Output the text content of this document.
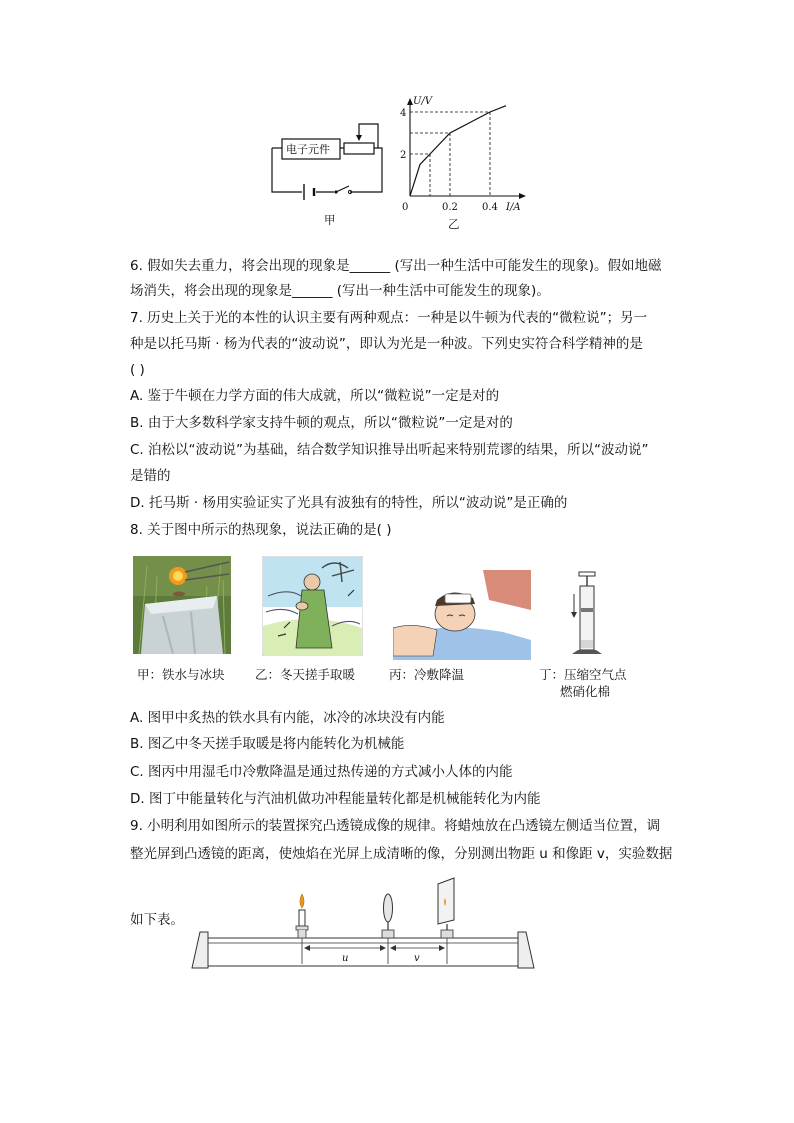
电子元件
甲
U/V
I/A
0
2
4
0.2 0.4
乙
6. 假如失去重力，将会出现的现象是______ (写出一种生活中可能发生的现象)。假如地磁
场消失，将会出现的现象是______ (写出一种生活中可能发生的现象)。
7. 历史上关于光的本性的认识主要有两种观点：一种是以牛顿为代表的“微粒说”；另一
种是以托马斯 · 杨为代表的“波动说”，即认为光是一种波。下列史实符合科学精神的是
( )
A. 鉴于牛顿在力学方面的伟大成就，所以“微粒说”一定是对的
B. 由于大多数科学家支持牛顿的观点，所以“微粒说”一定是对的
C. 泊松以“波动说”为基础，结合数学知识推导出听起来特别荒谬的结果，所以“波动说”
是错的
D. 托马斯 · 杨用实验证实了光具有波独有的特性，所以“波动说”是正确的
8. 关于图中所示的热现象，说法正确的是( )
甲：铁水与冰块 乙：冬天搓手取暖	丙：冷敷降温	丁：压缩空气点
燃硝化棉
A. 图甲中炙热的铁水具有内能，冰冷的冰块没有内能
B. 图乙中冬天搓手取暖是将内能转化为机械能
C. 图丙中用湿毛巾冷敷降温是通过热传递的方式减小人体的内能
D. 图丁中能量转化与汽油机做功冲程能量转化都是机械能转化为内能
9. 小明利用如图所示的装置探究凸透镜成像的规律。将蜡烛放在凸透镜左侧适当位置，调
整光屏到凸透镜的距离，使烛焰在光屏上成清晰的像，分别测出物距 u 和像距 v，实验数据
如下表。
u	v
